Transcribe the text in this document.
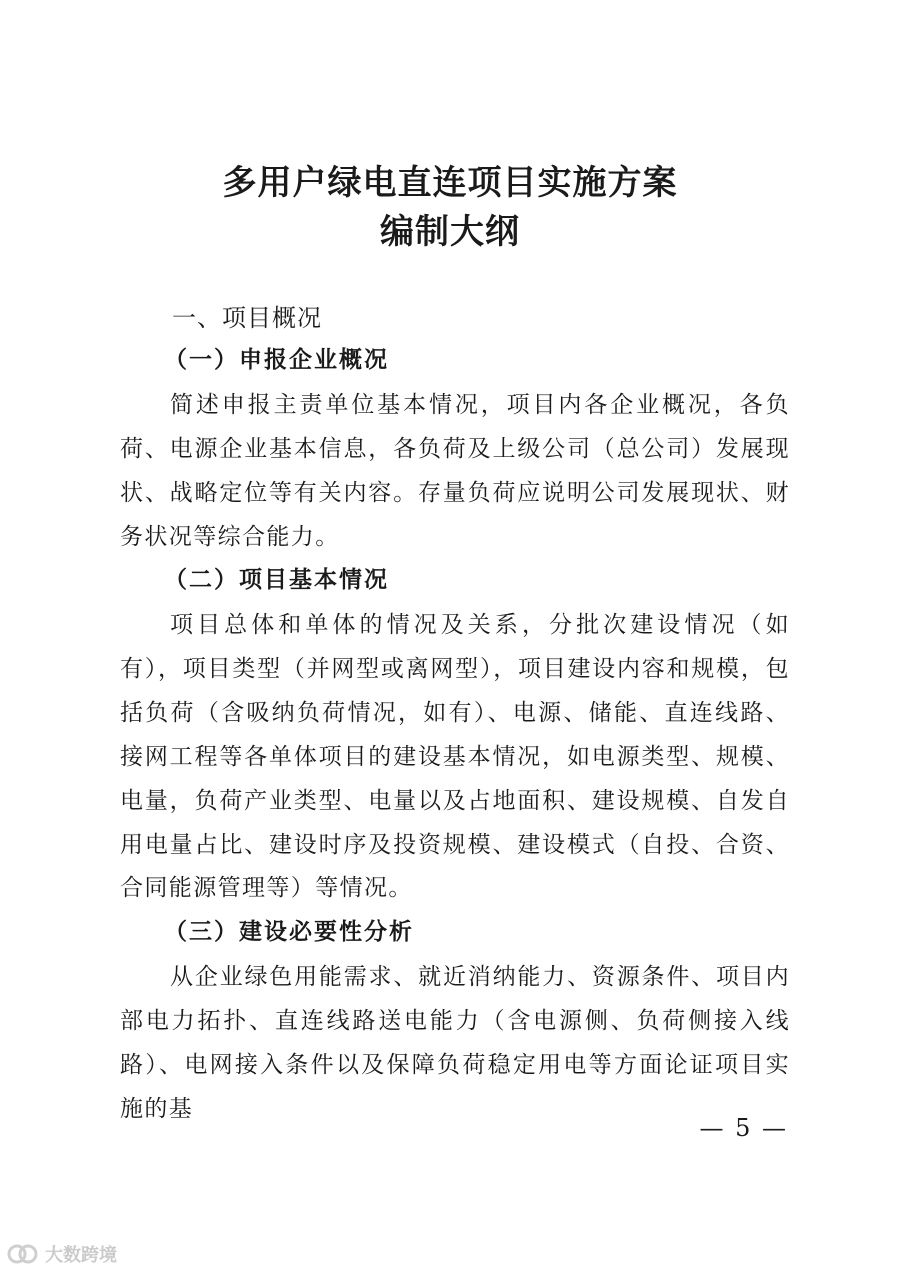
多用户绿电直连项目实施方案
编制大纲
一、项目概况
（一）申报企业概况

简述申报主责单位基本情况，项目内各企业概况，各负荷、电源企业基本信息，各负荷及上级公司（总公司）发展现状、战略定位等有关内容。存量负荷应说明公司发展现状、财务状况等综合能力。

（二）项目基本情况

项目总体和单体的情况及关系，分批次建设情况（如有），项目类型（并网型或离网型），项目建设内容和规模，包括负荷（含吸纳负荷情况，如有）、电源、储能、直连线路、接网工程等各单体项目的建设基本情况，如电源类型、规模、电量，负荷产业类型、电量以及占地面积、建设规模、自发自用电量占比、建设时序及投资规模、建设模式（自投、合资、合同能源管理等）等情况。

（三）建设必要性分析

从企业绿色用能需求、就近消纳能力、资源条件、项目内部电力拓扑、直连线路送电能力（含电源侧、负荷侧接入线路）、电网接入条件以及保障负荷稳定用电等方面论证项目实施的基

— 5 —
大数跨境
